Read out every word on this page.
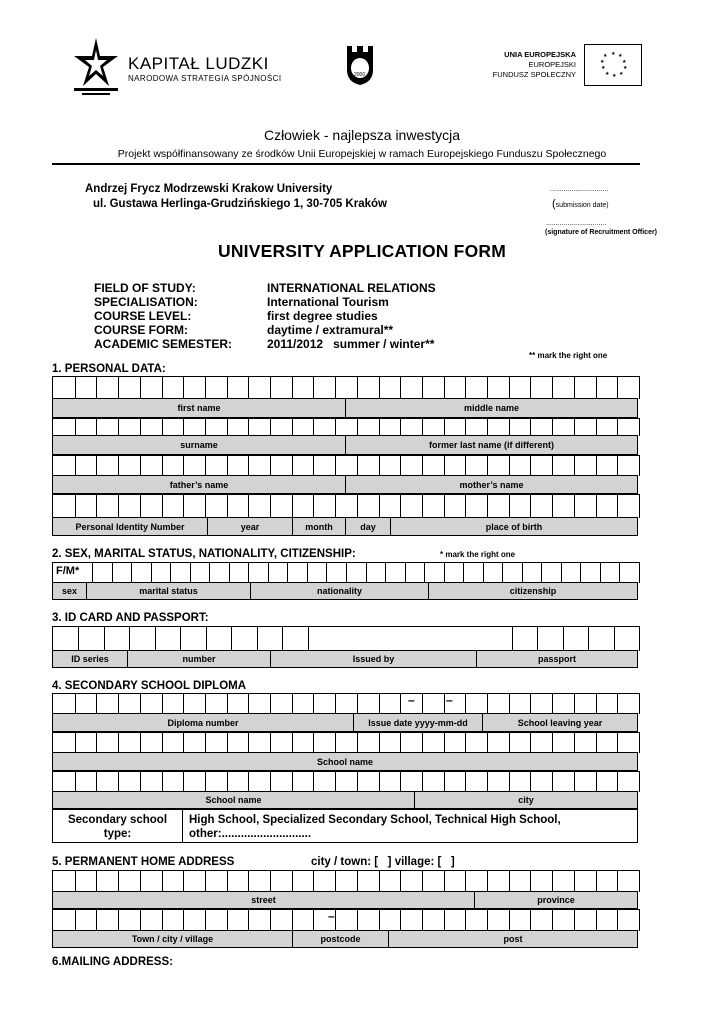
KAPITAŁ LUDZKI
NARODOWA STRATEGIA SPÓJNOŚCI	2000
UNIA EUROPEJSKA
EUROPEJSKI
FUNDUSZ SPOŁECZNY
★ ★
★
★
★
★
★
★
★
★
Człowiek - najlepsza inwestycja
Projekt współfinansowany ze środków Unii Europejskiej w ramach Europejskiego Funduszu Społecznego
Andrzej Frycz Modrzewski Krakow University
ul. Gustawa Herlinga-Grudzińskiego 1, 30-705 Kraków
..............................
(submission date)
...............................
(signature of Recruitment Officer)
UNIVERSITY APPLICATION FORM
FIELD OF STUDY:	INTERNATIONAL RELATIONS
SPECIALISATION:	International Tourism
COURSE LEVEL:	first degree studies
COURSE FORM:	daytime / extramural**
ACADEMIC SEMESTER:	2011/2012   summer / winter**
** mark the right one
1. PERSONAL DATA:
first name	middle name
surname	former last name (if different)
father’s name	mother’s name
Personal Identity Number	year	month	day	place of birth
2. SEX, MARITAL STATUS, NATIONALITY, CITIZENSHIP:	* mark the right one
F/M*
sex	marital status	nationality	citizenship
3. ID CARD AND PASSPORT:
ID series	number	Issued by	passport
4. SECONDARY SCHOOL DIPLOMA
–	–
Diploma number	Issue date yyyy-mm-dd	School leaving year
School name
School name	city
Secondary school type:
High School, Specialized Secondary School, Technical High School, other:............................
5. PERMANENT HOME ADDRESS	city / town: [   ] village: [   ]
street	province
–
Town / city / village	postcode	post
6.MAILING ADDRESS:
